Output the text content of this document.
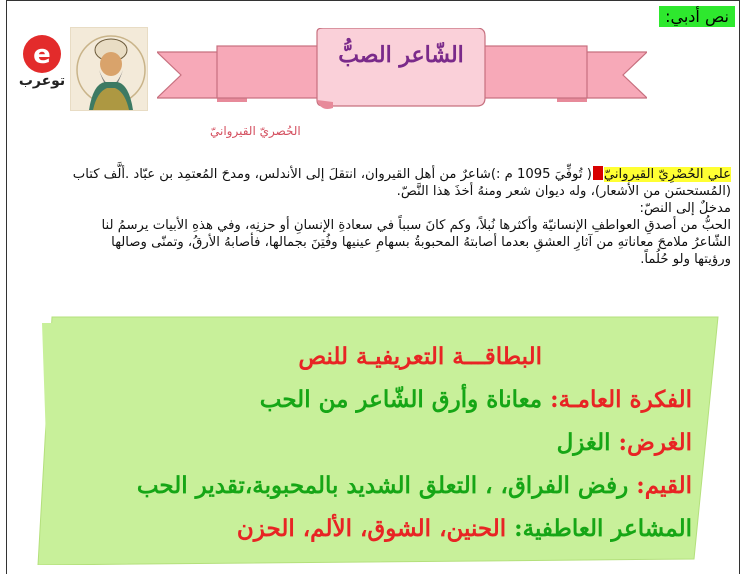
نص أدبي:
e
توعرب
الشّاعر الصبُّ
الحُصريّ القيروانيّ
علي الحُصْرِيّ القيروانيّ( تُوفِّيَ 1095 م :)شاعرٌ من أهل القيروان، انتقلَ إلى الأندلس، ومدحَ المُعتمِد بن عبّاد .ألَّف كتاب
(المُستحسَن من الأشعار)، وله ديوان شعر ومنهُ أخذَ هذا النَّصّ.
مدخلٌ إلى النصّ:
الحبُّ من أصدقِ العواطفِ الإنسانيّة وأكثرها نُبلاً، وكم كانَ سبباً في سعادةِ الإنسانِ أو حزنِه، وفي هذهِ الأبيات يرسمُ لنا
الشّاعرُ ملامحَ معاناتهِ من آثارِ العشقِ بعدما أصابتهُ المحبوبةُ بسهامِ عينيها وفُتِنَ بجمالها، فأصابهُ الأرقُ، وتمنّى وصالها
ورؤيتها ولو حُلُماً.
البطاقـــة التعريفيـة للنص
الفكرة العامـة: معاناة وأرق الشّاعر من الحب
الغرض: الغزل
القيم: رفض الفراق، ، التعلق الشديد بالمحبوبة،تقدير الحب
المشاعر العاطفية: الحنين، الشوق، الألم، الحزن
